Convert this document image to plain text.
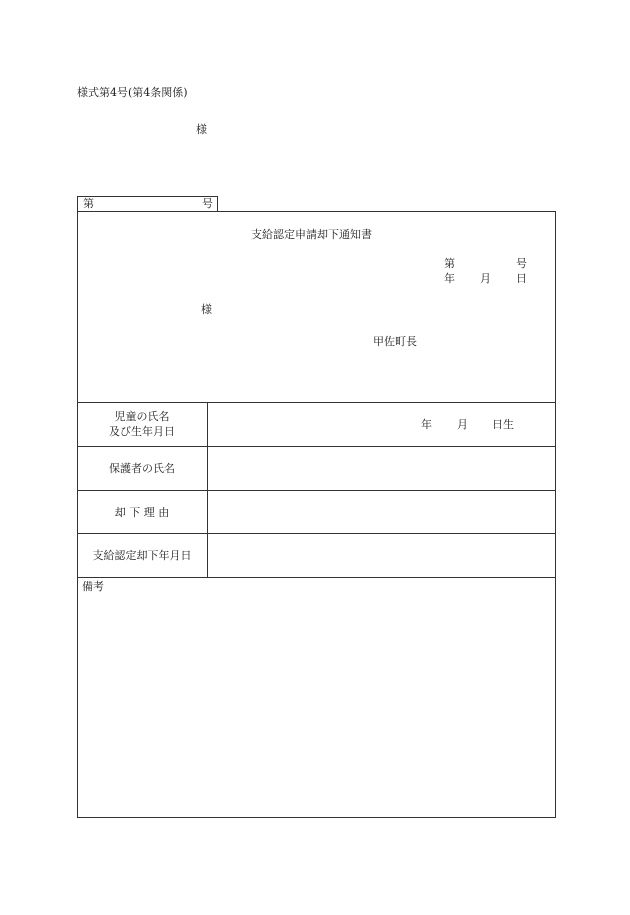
様式第4号(第4条関係)
様
第	号
支給認定申請却下通知書
第	号
年 月 日
様
甲佐町長
児童の氏名
及び生年月日
年 月 日生
保護者の氏名
却 下 理 由
支給認定却下年月日
備考
